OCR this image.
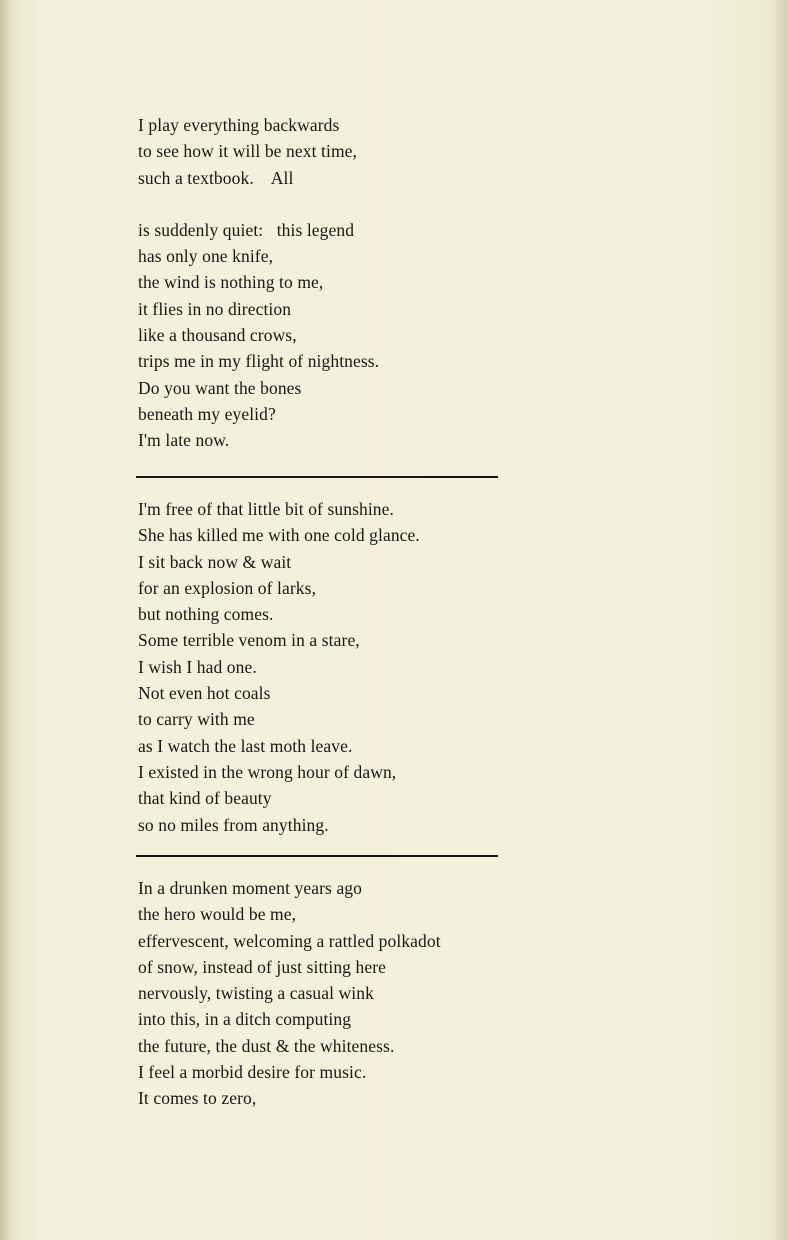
I play everything backwards
to see how it will be next time,
such a textbook.    All
is suddenly quiet:   this legend
has only one knife,
the wind is nothing to me,
it flies in no direction
like a thousand crows,
trips me in my flight of nightness.
Do you want the bones
beneath my eyelid?
I'm late now.
I'm free of that little bit of sunshine.
She has killed me with one cold glance.
I sit back now & wait
for an explosion of larks,
but nothing comes.
Some terrible venom in a stare,
I wish I had one.
Not even hot coals
to carry with me
as I watch the last moth leave.
I existed in the wrong hour of dawn,
that kind of beauty
so no miles from anything.
In a drunken moment years ago
the hero would be me,
effervescent, welcoming a rattled polkadot
of snow, instead of just sitting here
nervously, twisting a casual wink
into this, in a ditch computing
the future, the dust & the whiteness.
I feel a morbid desire for music.
It comes to zero,
